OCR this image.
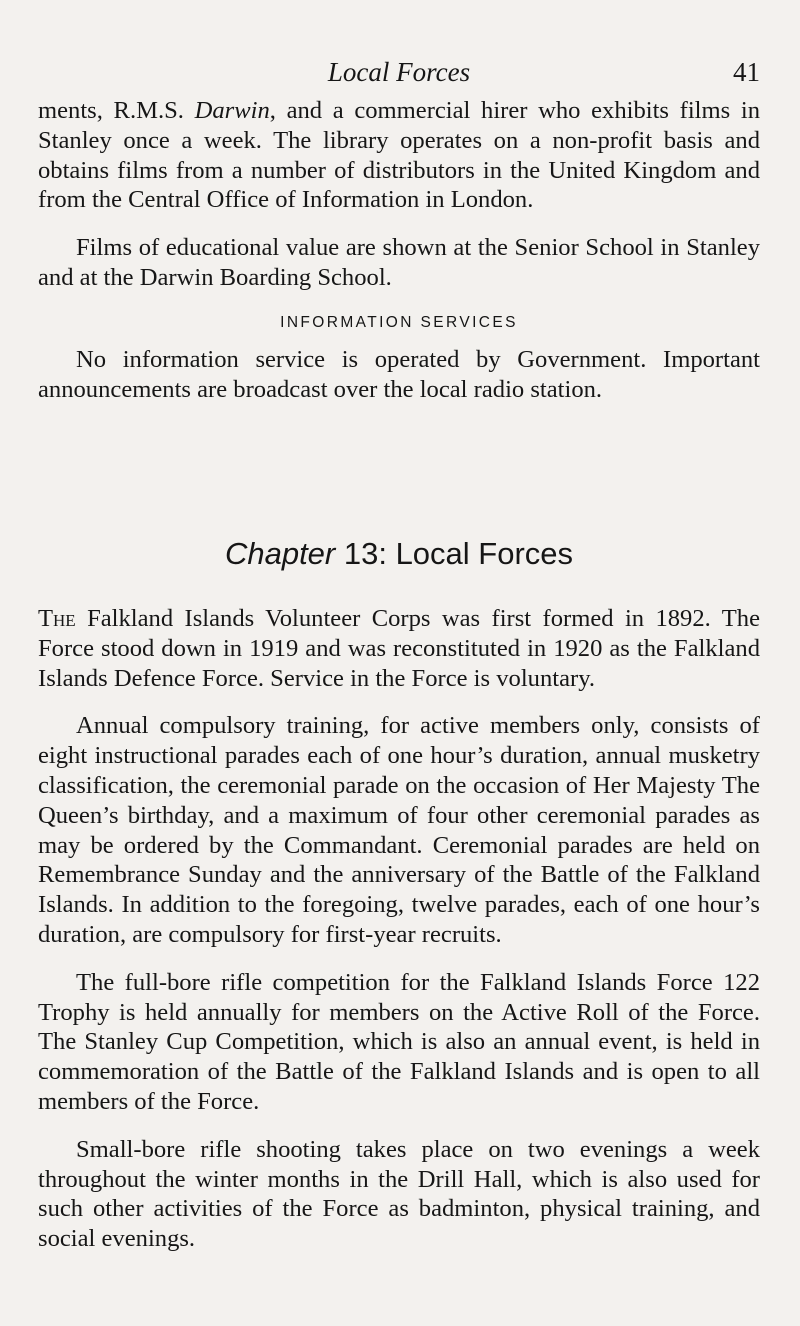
Local Forces	41

ments, R.M.S. Darwin, and a commercial hirer who exhibits films in Stanley once a week. The library operates on a non-profit basis and obtains films from a number of distributors in the United Kingdom and from the Central Office of Information in London.

Films of educational value are shown at the Senior School in Stanley and at the Darwin Boarding School.

INFORMATION SERVICES

No information service is operated by Government. Important announcements are broadcast over the local radio station.

Chapter 13: Local Forces

The Falkland Islands Volunteer Corps was first formed in 1892. The Force stood down in 1919 and was reconstituted in 1920 as the Falkland Islands Defence Force. Service in the Force is voluntary.

Annual compulsory training, for active members only, consists of eight instructional parades each of one hour’s duration, annual musketry classification, the ceremonial parade on the occasion of Her Majesty The Queen’s birthday, and a maximum of four other ceremonial parades as may be ordered by the Commandant. Ceremonial parades are held on Remembrance Sunday and the anniversary of the Battle of the Falkland Islands. In addition to the foregoing, twelve parades, each of one hour’s duration, are compulsory for first-year recruits.

The full-bore rifle competition for the Falkland Islands Force 122 Trophy is held annually for members on the Active Roll of the Force. The Stanley Cup Competition, which is also an annual event, is held in commemoration of the Battle of the Falkland Islands and is open to all members of the Force.

Small-bore rifle shooting takes place on two evenings a week throughout the winter months in the Drill Hall, which is also used for such other activities of the Force as badminton, physical training, and social evenings.
